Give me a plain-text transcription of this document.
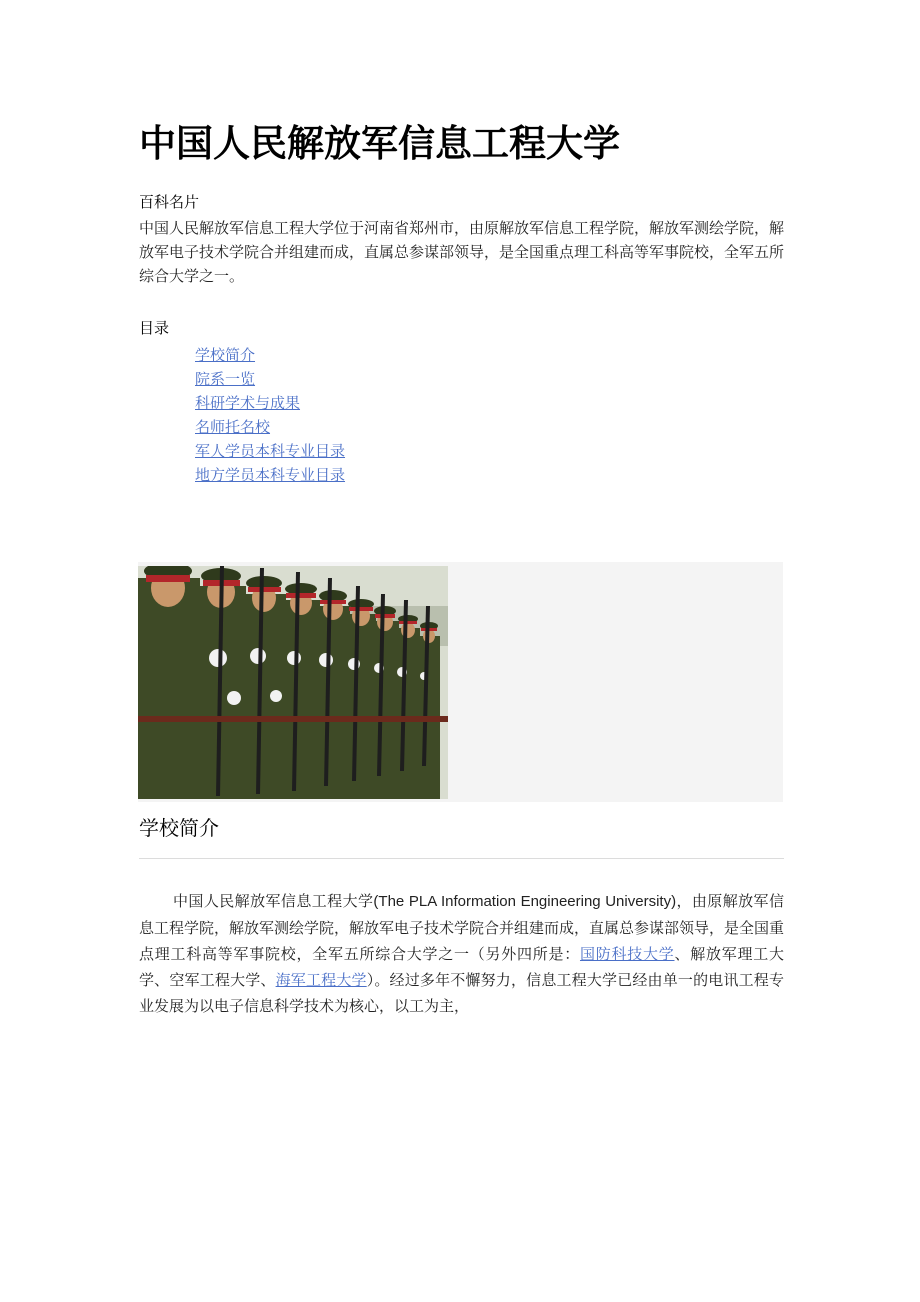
中国人民解放军信息工程大学
百科名片

中国人民解放军信息工程大学位于河南省郑州市，由原解放军信息工程学院，解放军测绘学院，解放军电子技术学院合并组建而成，直属总参谋部领导，是全国重点理工科高等军事院校，全军五所综合大学之一。

目录
学校简介
院系一览
科研学术与成果
名师托名校
军人学员本科专业目录
地方学员本科专业目录
学校简介

中国人民解放军信息工程大学(The PLA Information Engineering University)，由原解放军信息工程学院，解放军测绘学院，解放军电子技术学院合并组建而成，直属总参谋部领导，是全国重点理工科高等军事院校，全军五所综合大学之一（另外四所是：国防科技大学、解放军理工大学、空军工程大学、海军工程大学）。经过多年不懈努力，信息工程大学已经由单一的电讯工程专业发展为以电子信息科学技术为核心，以工为主，
